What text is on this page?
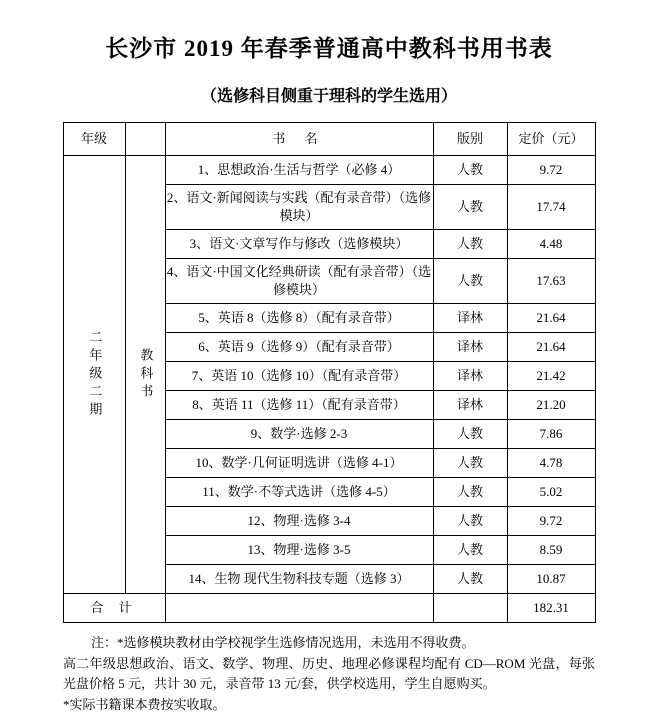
长沙市 2019 年春季普通高中教科书用书表
（选修科目侧重于理科的学生选用）
年级		书 名	版别	定价（元）

二年级二期	教科书	1、思想政治·生活与哲学（必修 4）	人教	9.72
		2、语文·新闻阅读与实践（配有录音带）（选修模块）	人教	17.74
		3、语文·文章写作与修改（选修模块）	人教	4.48
		4、语文·中国文化经典研读（配有录音带）（选修模块）	人教	17.63
		5、英语 8（选修 8）（配有录音带）	译林	21.64
		6、英语 9（选修 9）（配有录音带）	译林	21.64
		7、英语 10（选修 10）（配有录音带）	译林	21.42
		8、英语 11（选修 11）（配有录音带）	译林	21.20
		9、数学·选修 2-3	人教	7.86
		10、数学·几何证明选讲（选修 4-1）	人教	4.78
		11、数学·不等式选讲（选修 4-5）	人教	5.02
		12、物理·选修 3-4	人教	9.72
		13、物理·选修 3-5	人教	8.59
		14、生物 现代生物科技专题（选修 3）	人教	10.87
合 计				182.31

注：*选修模块教材由学校视学生选修情况选用，未选用不得收费。

高二年级思想政治、语文、数学、物理、历史、地理必修课程均配有 CD—ROM 光盘，每张光盘价格 5 元，共计 30 元，录音带 13 元/套，供学校选用，学生自愿购买。

*实际书籍课本费按实收取。
